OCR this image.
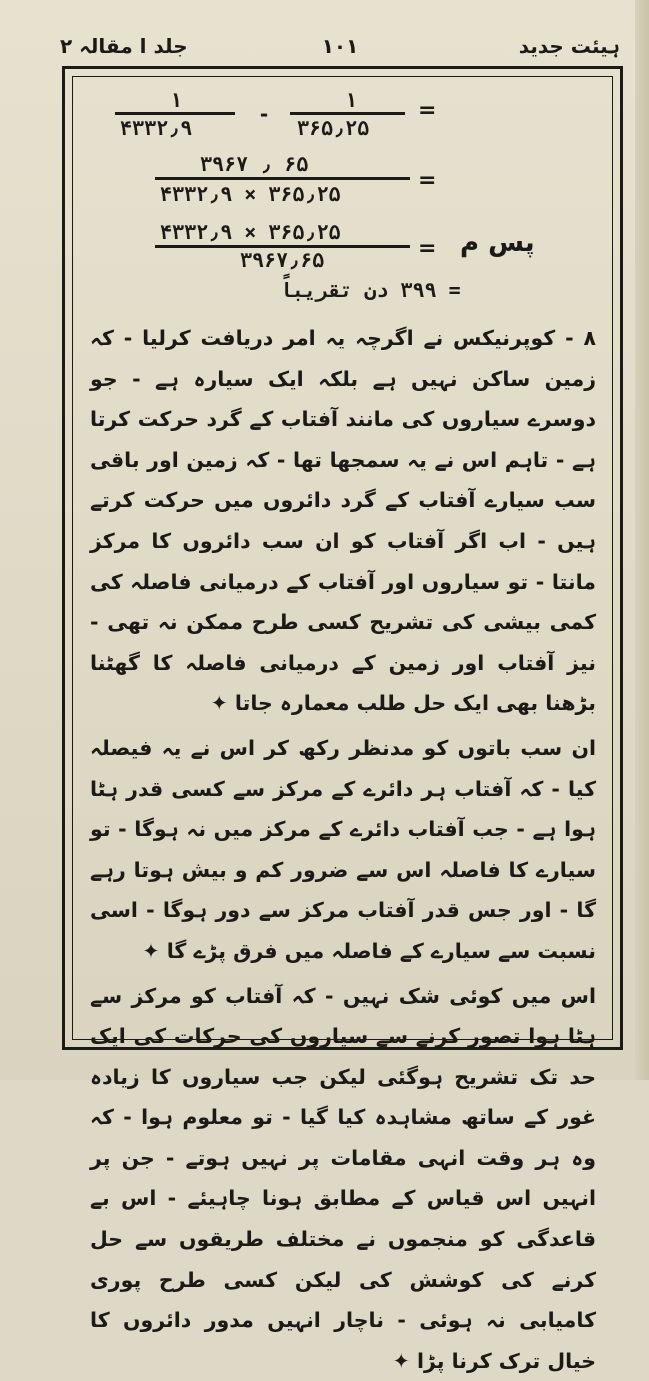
ہیئت جدید
۱۰۱
جلد ا مقالہ ۲
۱
۴۳۳۲٫۹
-
۱
۳۶۵٫۲۵
=
۳۹۶۷ ٫ ۶۵
۴۳۳۲٫۹ × ۳۶۵٫۲۵
=
پس م
۴۳۳۲٫۹ × ۳۶۵٫۲۵
۳۹۶۷٫۶۵	=
= ۳۹۹ دن تقریباً

۸ - کوپرنیکس نے اگرچہ یہ امر دریافت کرلیا - کہ زمین ساکن نہیں ہے بلکہ ایک سیارہ ہے - جو دوسرے سیاروں کی مانند آفتاب کے گرد حرکت کرتا ہے - تاہم اس نے یہ سمجھا تھا - کہ زمین اور باقی سب سیارے آفتاب کے گرد دائروں میں حرکت کرتے ہیں - اب اگر آفتاب کو ان سب دائروں کا مرکز مانتا - تو سیاروں اور آفتاب کے درمیانی فاصلہ کی کمی بیشی کی تشریح کسی طرح ممکن نہ تھی - نیز آفتاب اور زمین کے درمیانی فاصلہ کا گھٹنا بڑھنا بھی ایک حل طلب معمارہ جاتا ✦

ان سب باتوں کو مدنظر رکھ کر اس نے یہ فیصلہ کیا - کہ آفتاب ہر دائرے کے مرکز سے کسی قدر ہٹا ہوا ہے - جب آفتاب دائرے کے مرکز میں نہ ہوگا - تو سیارے کا فاصلہ اس سے ضرور کم و بیش ہوتا رہے گا - اور جس قدر آفتاب مرکز سے دور ہوگا - اسی نسبت سے سیارے کے فاصلہ میں فرق پڑے گا ✦

اس میں کوئی شک نہیں - کہ آفتاب کو مرکز سے ہٹا ہوا تصور کرنے سے سیاروں کی حرکات کی ایک حد تک تشریح ہوگئی لیکن جب سیاروں کا زیادہ غور کے ساتھ مشاہدہ کیا گیا - تو معلوم ہوا - کہ وہ ہر وقت انہی مقامات پر نہیں ہوتے - جن پر انہیں اس قیاس کے مطابق ہونا چاہیئے - اس بے قاعدگی کو منجموں نے مختلف طریقوں سے حل کرنے کی کوشش کی لیکن کسی طرح پوری کامیابی نہ ہوئی - ناچار انہیں مدور دائروں کا خیال ترک کرنا پڑا ✦
